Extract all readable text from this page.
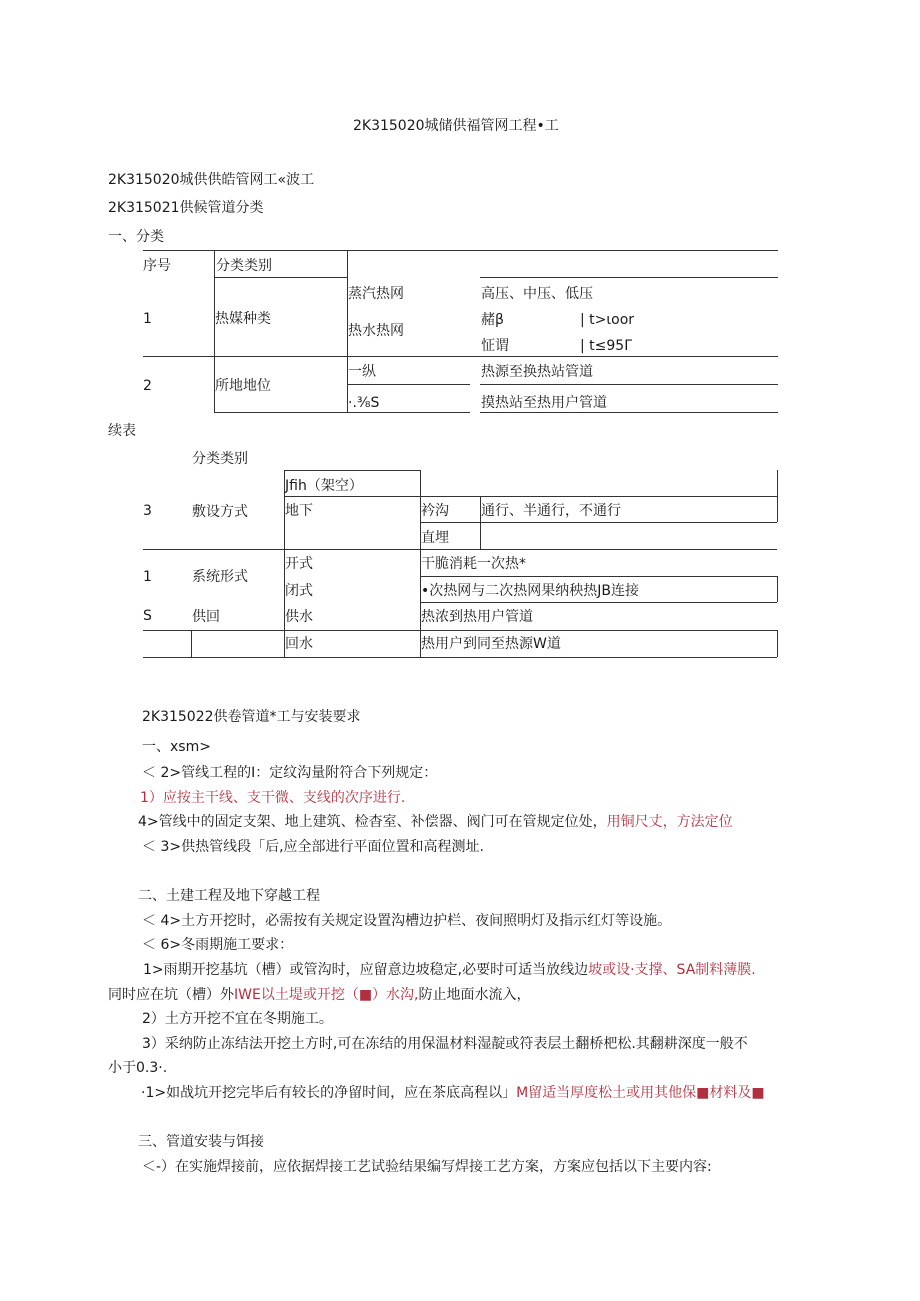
2K315020城储供福管网工程•工
2K315020城供供皓管网工«波工
2K315021供候管道分类
一、分类
序号	分类类别
1	热媒种类
蒸汽热网	高压、中压、低压
热水热网
赭β	| t>ιoor
怔谓	| t≤95Γ
2	所地地位
一纵	热源至换热站管道
·.⅜S	摸热站至热用户管道
续表
分类类别
3	敷设方式
Jfih（架空）
地下	衿沟 通行、半通行，不通行
直埋
1	系统形式
开式	干脆消耗一次热*
闭式	•次热网与二次热网果纳秧热JB连接
S	供回	供水	热浓到热用户管道
回水	热用户到同至热源W道
2K315022供卷管道*工与安装要求
一、xsm>
＜ 2>管线工程的I：定纹沟量附符合下列规定：
1）应按主干线、支干微、支线的次序进行.
4>管线中的固定支架、地上建筑、检杳室、补偿器、阀门可在管规定位处，用铜尺丈，方法定位
＜ 3>供热管线段「后,应全部进行平面位置和高程测址.
二、土建工程及地下穿越工程
＜ 4>土方开挖时，必需按有关规定设置沟槽边护栏、夜间照明灯及指示红灯等设施。
＜ 6>冬雨期施工要求：
1>雨期开挖基坑（槽）或管沟时，应留意边坡稳定,必要时可适当放线边坡或设·支撑、SA制料薄膜.
同时应在坑（槽）外IWE以土堤或开挖（■）水沟,防止地面水流入，
2）土方开挖不宜在冬期施工。
3）采纳防止冻结法开挖土方时,可在冻结的用保温材料湿靛或符表层土翻桥杷松.其翻耕深度一般不
小于0.3·.
·1>如战坑开挖完毕后有较长的净留时间，应在茶底高程以」M留适当厚度松土或用其他保■材料及■
三、管道安装与饵接
＜-）在实施焊接前，应依据焊接工艺试验结果编写焊接工艺方案，方案应包括以下主要内容:
